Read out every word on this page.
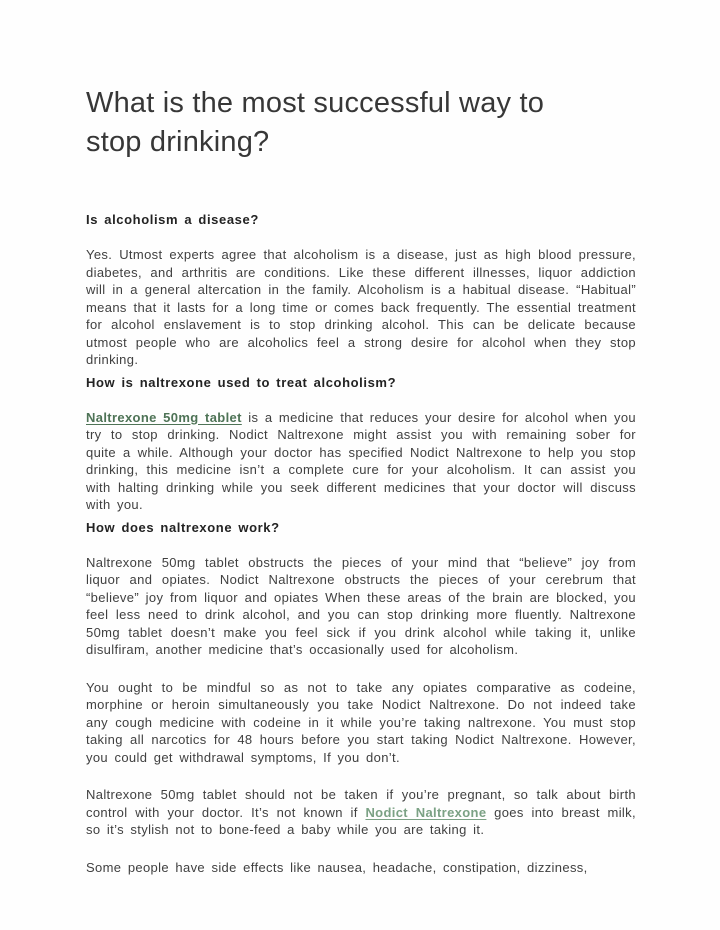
What is the most successful way to stop drinking?
Is alcoholism a disease?

Yes. Utmost experts agree that alcoholism is a disease, just as high blood pressure, diabetes, and arthritis are conditions. Like these different illnesses, liquor addiction will in a general altercation in the family. Alcoholism is a habitual disease. “Habitual” means that it lasts for a long time or comes back frequently. The essential treatment for alcohol enslavement is to stop drinking alcohol. This can be delicate because utmost people who are alcoholics feel a strong desire for alcohol when they stop drinking.

How is naltrexone used to treat alcoholism?

Naltrexone 50mg tablet is a medicine that reduces your desire for alcohol when you try to stop drinking. Nodict Naltrexone might assist you with remaining sober for quite a while. Although your doctor has specified Nodict Naltrexone to help you stop drinking, this medicine isn’t a complete cure for your alcoholism. It can assist you with halting drinking while you seek different medicines that your doctor will discuss with you.

How does naltrexone work?

Naltrexone 50mg tablet obstructs the pieces of your mind that “believe” joy from liquor and opiates. Nodict Naltrexone obstructs the pieces of your cerebrum that “believe” joy from liquor and opiates When these areas of the brain are blocked, you feel less need to drink alcohol, and you can stop drinking more fluently. Naltrexone 50mg tablet doesn’t make you feel sick if you drink alcohol while taking it, unlike disulfiram, another medicine that’s occasionally used for alcoholism.

You ought to be mindful so as not to take any opiates comparative as codeine, morphine or heroin simultaneously you take Nodict Naltrexone. Do not indeed take any cough medicine with codeine in it while you’re taking naltrexone. You must stop taking all narcotics for 48 hours before you start taking Nodict Naltrexone. However, you could get withdrawal symptoms, If you don’t.

Naltrexone 50mg tablet should not be taken if you’re pregnant, so talk about birth control with your doctor. It’s not known if Nodict Naltrexone goes into breast milk, so it’s stylish not to bone-feed a baby while you are taking it.

Some people have side effects like nausea, headache, constipation, dizziness,
